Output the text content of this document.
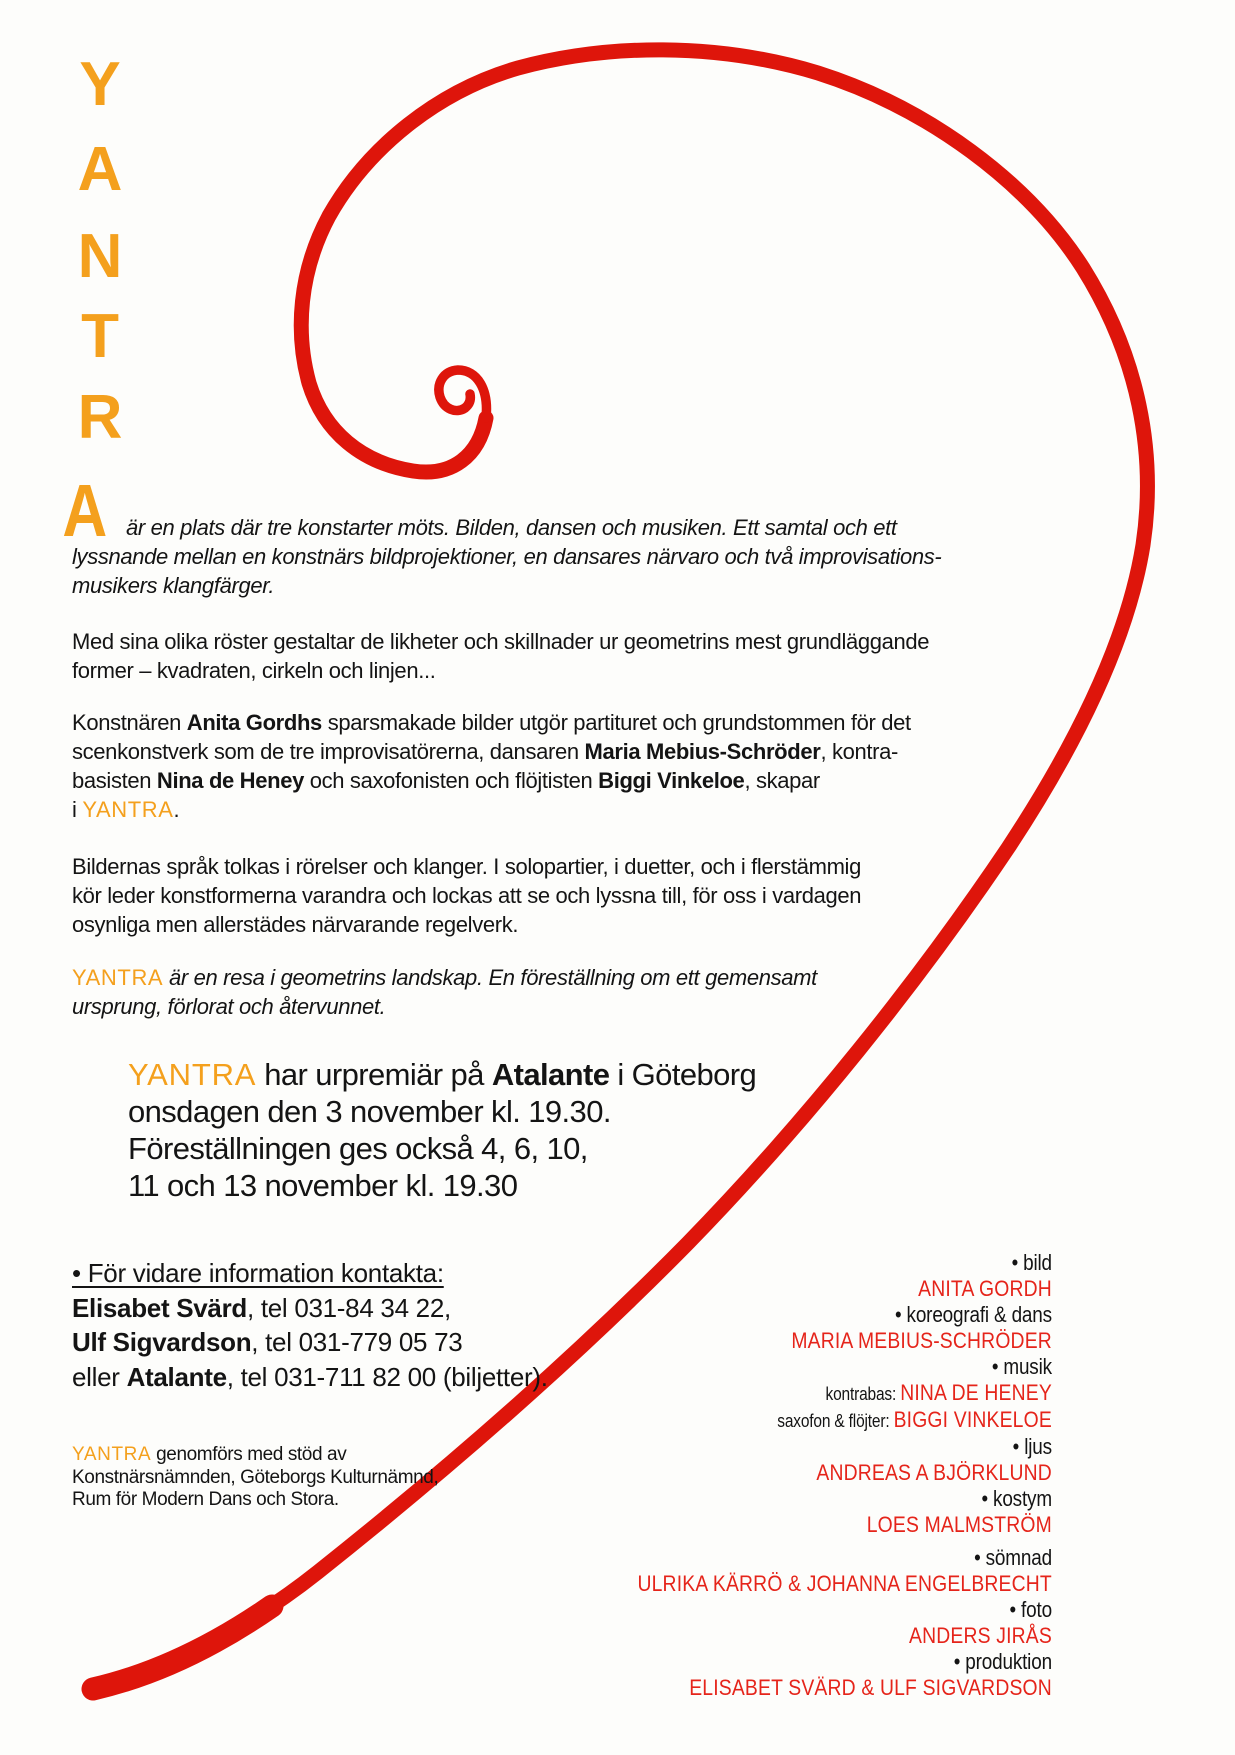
Y
A
N
T
R
A är en plats där tre konstarter möts. Bilden, dansen och musiken. Ett samtal och ett
lyssnande mellan en konstnärs bildprojektioner, en dansares närvaro och två improvisations-
musikers klangfärger.
Med sina olika röster gestaltar de likheter och skillnader ur geometrins mest grundläggande
former – kvadraten, cirkeln och linjen...
Konstnären Anita Gordhs sparsmakade bilder utgör partituret och grundstommen för det
scenkonstverk som de tre improvisatörerna, dansaren Maria Mebius-Schröder, kontra-
basisten Nina de Heney och saxofonisten och flöjtisten Biggi Vinkeloe, skapar
i YANTRA.
Bildernas språk tolkas i rörelser och klanger. I solopartier, i duetter, och i flerstämmig
kör leder konstformerna varandra och lockas att se och lyssna till, för oss i vardagen
osynliga men allerstädes närvarande regelverk.
YANTRA är en resa i geometrins landskap. En föreställning om ett gemensamt
ursprung, förlorat och återvunnet.
YANTRA har urpremiär på Atalante i Göteborg
onsdagen den 3 november kl. 19.30.
Föreställningen ges också 4, 6, 10,
11 och 13 november kl. 19.30
• För vidare information kontakta:
Elisabet Svärd, tel 031-84 34 22,
Ulf Sigvardson, tel 031-779 05 73
eller Atalante, tel 031-711 82 00 (biljetter).
YANTRA genomförs med stöd av
Konstnärsnämnden, Göteborgs Kulturnämnd,
Rum för Modern Dans och Stora.
• bild
ANITA GORDH
• koreografi & dans
MARIA MEBIUS-SCHRÖDER
• musik
kontrabas: NINA DE HENEY
saxofon & flöjter: BIGGI VINKELOE
• ljus
ANDREAS A BJÖRKLUND
• kostym
LOES MALMSTRÖM
• sömnad
ULRIKA KÄRRÖ & JOHANNA ENGELBRECHT
• foto
ANDERS JIRÅS
• produktion
ELISABET SVÄRD & ULF SIGVARDSON
